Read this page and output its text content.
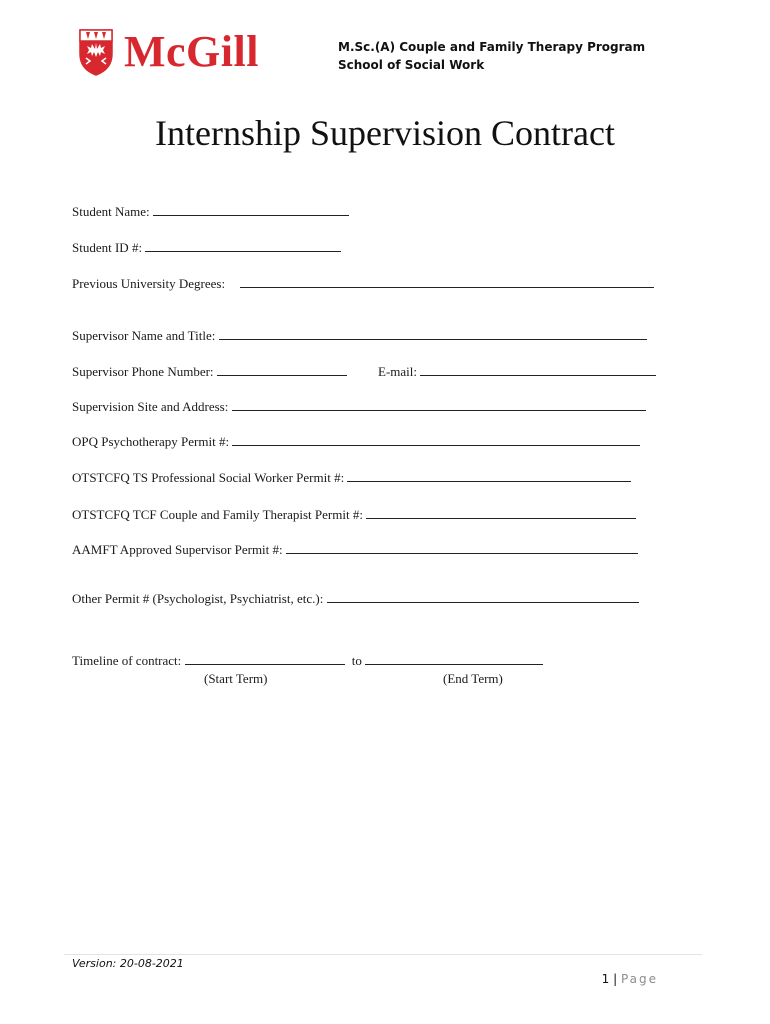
McGill	M.Sc.(A) Couple and Family Therapy Program
School of Social Work
Internship Supervision Contract
Student Name:
Student ID #:
Previous University Degrees:
Supervisor Name and Title:
Supervisor Phone Number:	E-mail:
Supervision Site and Address:
OPQ Psychotherapy Permit #:
OTSTCFQ TS Professional Social Worker Permit #:
OTSTCFQ TCF Couple and Family Therapist Permit #:
AAMFT Approved Supervisor Permit #:
Other Permit # (Psychologist, Psychiatrist, etc.):
Timeline of contract:	to
(Start Term)	(End Term)
Version: 20-08-2021
1 | Page
